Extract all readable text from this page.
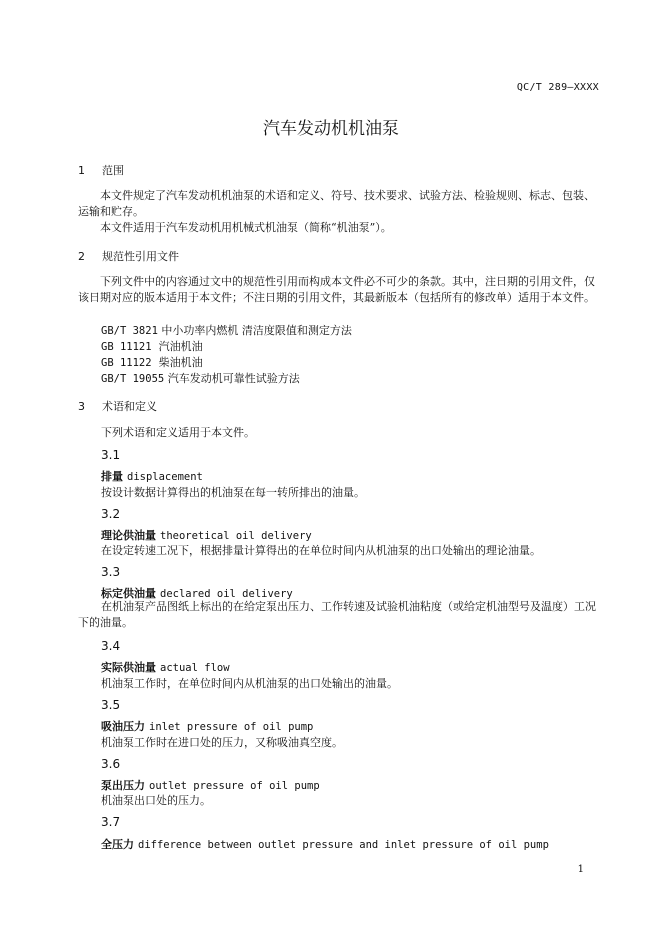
QC/T 289—XXXX
汽车发动机机油泵
1 范围
本文件规定了汽车发动机机油泵的术语和定义、符号、技术要求、试验方法、检验规则、标志、包装、运输和贮存。
本文件适用于汽车发动机用机械式机油泵（简称“机油泵”）。
2 规范性引用文件
下列文件中的内容通过文中的规范性引用而构成本文件必不可少的条款。其中，注日期的引用文件，仅该日期对应的版本适用于本文件；不注日期的引用文件，其最新版本（包括所有的修改单）适用于本文件。
GB/T 3821 中小功率内燃机 清洁度限值和测定方法
GB 11121 汽油机油
GB 11122 柴油机油
GB/T 19055 汽车发动机可靠性试验方法
3 术语和定义
下列术语和定义适用于本文件。
3.1
排量 displacement
按设计数据计算得出的机油泵在每一转所排出的油量。
3.2
理论供油量 theoretical oil delivery
在设定转速工况下，根据排量计算得出的在单位时间内从机油泵的出口处输出的理论油量。
3.3
标定供油量 declared oil delivery
在机油泵产品图纸上标出的在给定泵出压力、工作转速及试验机油粘度（或给定机油型号及温度）工况下的油量。
3.4
实际供油量 actual flow
机油泵工作时，在单位时间内从机油泵的出口处输出的油量。
3.5
吸油压力 inlet pressure of oil pump
机油泵工作时在进口处的压力，又称吸油真空度。
3.6
泵出压力 outlet pressure of oil pump
机油泵出口处的压力。
3.7
全压力 difference between outlet pressure and inlet pressure of oil pump
1
